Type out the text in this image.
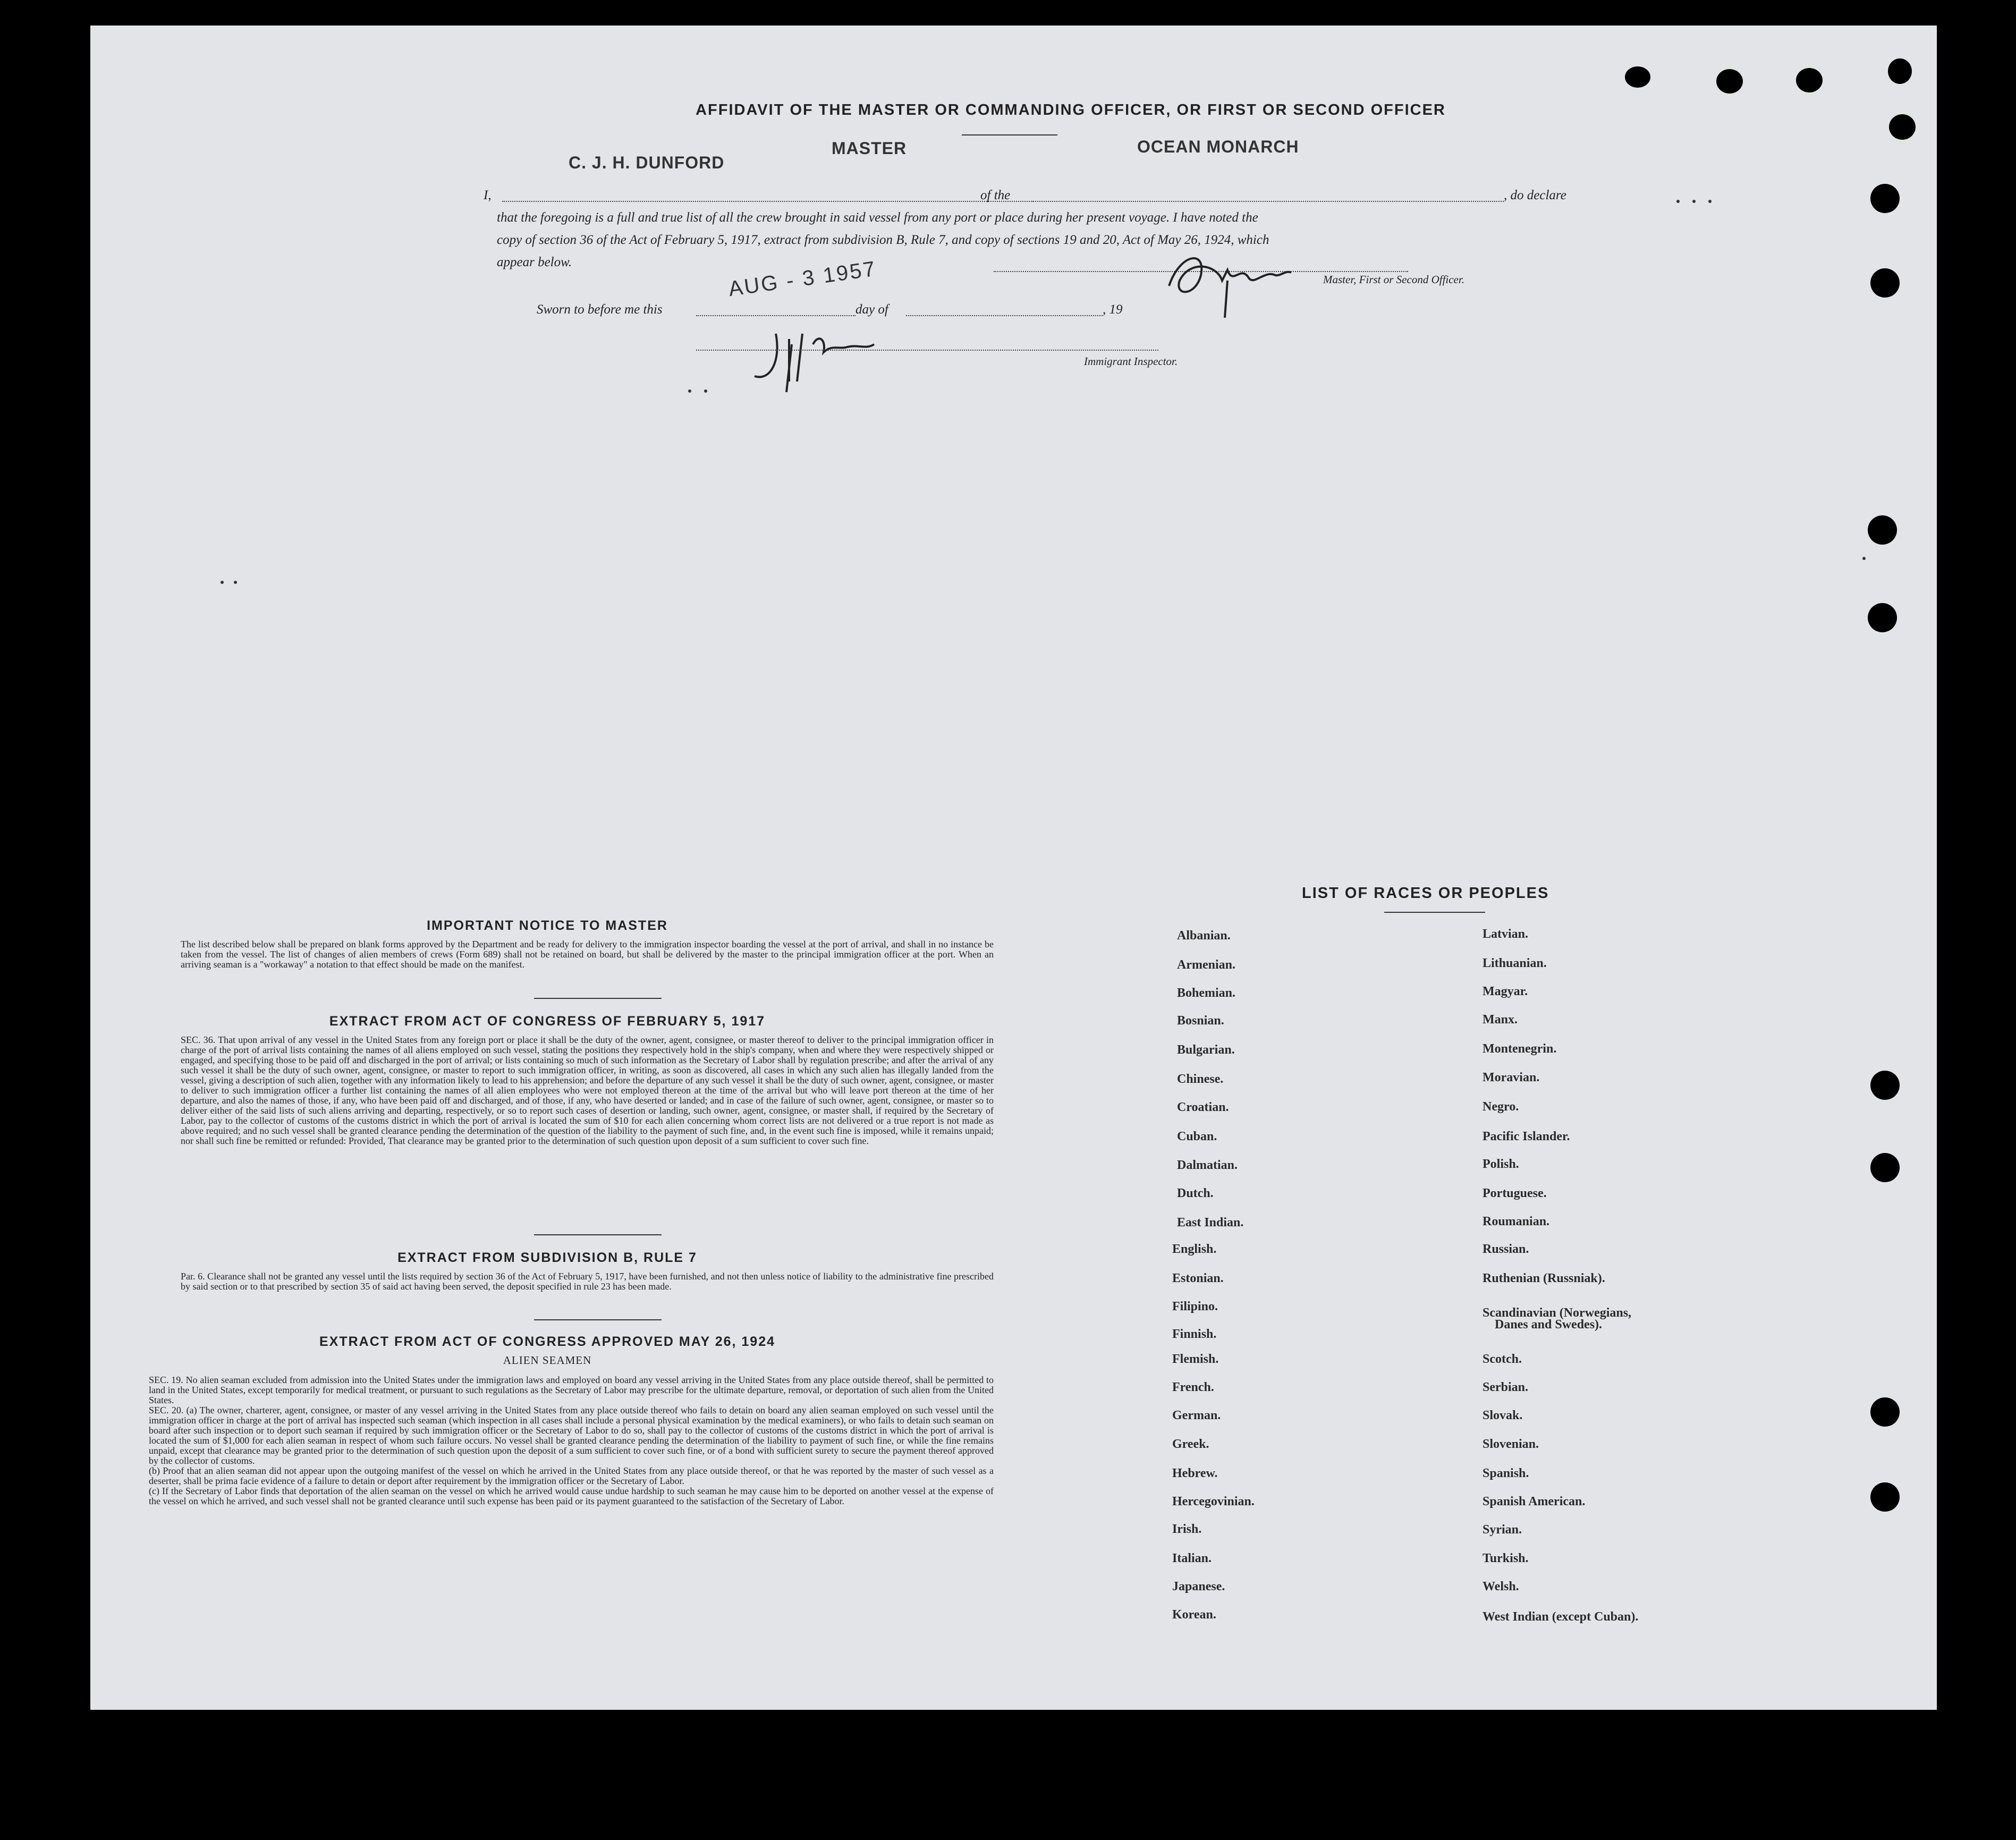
AFFIDAVIT OF THE MASTER OR COMMANDING OFFICER, OR FIRST OR SECOND OFFICER
I,
C. J. H. DUNFORD
MASTER
of the
OCEAN MONARCH
, do declare
that the foregoing is a full and true list of all the crew brought in said vessel from any port or place during her present voyage. I have noted the
copy of section 36 of the Act of February 5, 1917, extract from subdivision B, Rule 7, and copy of sections 19 and 20, Act of May 26, 1924, which
appear below.
Master, First or Second Officer.
AUG - 3 1957
Sworn to before me this	day of	, 19
Immigrant Inspector.
IMPORTANT NOTICE TO MASTER
The list described below shall be prepared on blank forms approved by the Department and be ready for delivery to the immigration inspector boarding the vessel at the port of arrival, and shall in no instance be taken from the vessel. The list of changes of alien members of crews (Form 689) shall not be retained on board, but shall be delivered by the master to the principal immigration officer at the port. When an arriving seaman is a "workaway" a notation to that effect should be made on the manifest.
EXTRACT FROM ACT OF CONGRESS OF FEBRUARY 5, 1917
SEC. 36. That upon arrival of any vessel in the United States from any foreign port or place it shall be the duty of the owner, agent, consignee, or master thereof to deliver to the principal immigration officer in charge of the port of arrival lists containing the names of all aliens employed on such vessel, stating the positions they respectively hold in the ship's company, when and where they were respectively shipped or engaged, and specifying those to be paid off and discharged in the port of arrival; or lists containing so much of such information as the Secretary of Labor shall by regulation prescribe; and after the arrival of any such vessel it shall be the duty of such owner, agent, consignee, or master to report to such immigration officer, in writing, as soon as discovered, all cases in which any such alien has illegally landed from the vessel, giving a description of such alien, together with any information likely to lead to his apprehension; and before the departure of any such vessel it shall be the duty of such owner, agent, consignee, or master to deliver to such immigration officer a further list containing the names of all alien employees who were not employed thereon at the time of the arrival but who will leave port thereon at the time of her departure, and also the names of those, if any, who have been paid off and discharged, and of those, if any, who have deserted or landed; and in case of the failure of such owner, agent, consignee, or master so to deliver either of the said lists of such aliens arriving and departing, respectively, or so to report such cases of desertion or landing, such owner, agent, consignee, or master shall, if required by the Secretary of Labor, pay to the collector of customs of the customs district in which the port of arrival is located the sum of $10 for each alien concerning whom correct lists are not delivered or a true report is not made as above required; and no such vessel shall be granted clearance pending the determination of the question of the liability to the payment of such fine, and, in the event such fine is imposed, while it remains unpaid; nor shall such fine be remitted or refunded: Provided, That clearance may be granted prior to the determination of such question upon deposit of a sum sufficient to cover such fine.
EXTRACT FROM SUBDIVISION B, RULE 7
Par. 6. Clearance shall not be granted any vessel until the lists required by section 36 of the Act of February 5, 1917, have been furnished, and not then unless notice of liability to the administrative fine prescribed by said section or to that prescribed by section 35 of said act having been served, the deposit specified in rule 23 has been made.
EXTRACT FROM ACT OF CONGRESS APPROVED MAY 26, 1924
ALIEN SEAMEN
SEC. 19. No alien seaman excluded from admission into the United States under the immigration laws and employed on board any vessel arriving in the United States from any place outside thereof, shall be permitted to land in the United States, except temporarily for medical treatment, or pursuant to such regulations as the Secretary of Labor may prescribe for the ultimate departure, removal, or deportation of such alien from the United States.
SEC. 20. (a) The owner, charterer, agent, consignee, or master of any vessel arriving in the United States from any place outside thereof who fails to detain on board any alien seaman employed on such vessel until the immigration officer in charge at the port of arrival has inspected such seaman (which inspection in all cases shall include a personal physical examination by the medical examiners), or who fails to detain such seaman on board after such inspection or to deport such seaman if required by such immigration officer or the Secretary of Labor to do so, shall pay to the collector of customs of the customs district in which the port of arrival is located the sum of $1,000 for each alien seaman in respect of whom such failure occurs. No vessel shall be granted clearance pending the determination of the liability to payment of such fine, or while the fine remains unpaid, except that clearance may be granted prior to the determination of such question upon the deposit of a sum sufficient to cover such fine, or of a bond with sufficient surety to secure the payment thereof approved by the collector of customs.
(b) Proof that an alien seaman did not appear upon the outgoing manifest of the vessel on which he arrived in the United States from any place outside thereof, or that he was reported by the master of such vessel as a deserter, shall be prima facie evidence of a failure to detain or deport after requirement by the immigration officer or the Secretary of Labor.
(c) If the Secretary of Labor finds that deportation of the alien seaman on the vessel on which he arrived would cause undue hardship to such seaman he may cause him to be deported on another vessel at the expense of the vessel on which he arrived, and such vessel shall not be granted clearance until such expense has been paid or its payment guaranteed to the satisfaction of the Secretary of Labor.
LIST OF RACES OR PEOPLES
Albanian.
Armenian.
Bohemian.
Bosnian.
Bulgarian.
Chinese.
Croatian.
Cuban.
Dalmatian.
Dutch.
East Indian.
English.
Estonian.
Filipino.
Finnish.
Flemish.
French.
German.
Greek.
Hebrew.
Hercegovinian.
Irish.
Italian.
Japanese.
Korean.
Latvian.
Lithuanian.
Magyar.
Manx.
Montenegrin.
Moravian.
Negro.
Pacific Islander.
Polish.
Portuguese.
Roumanian.
Russian.
Ruthenian (Russniak).
Scandinavian (Norwegians,
Danes and Swedes).
Scotch.
Serbian.
Slovak.
Slovenian.
Spanish.
Spanish American.
Syrian.
Turkish.
Welsh.
West Indian (except Cuban).
